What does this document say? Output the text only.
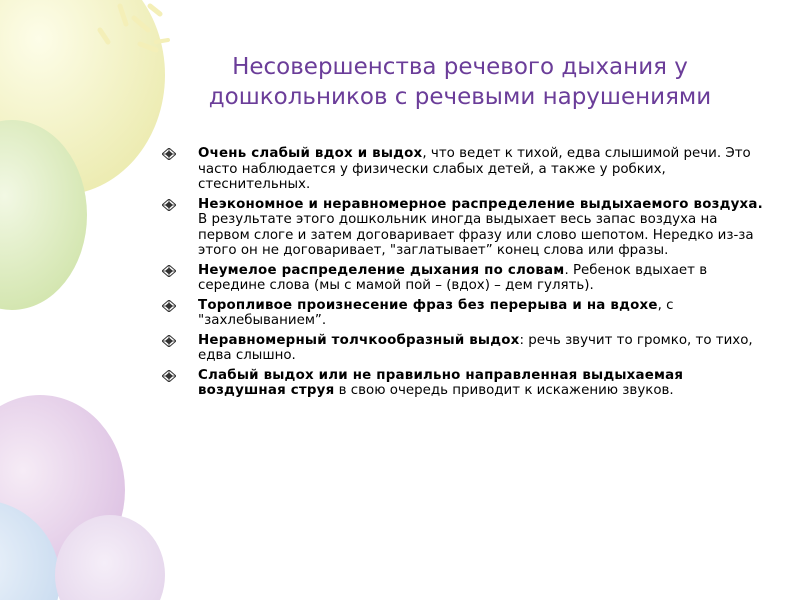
Несовершенства речевого дыхания у
дошкольников с речевыми нарушениями
Очень слабый вдох и выдох, что ведет к тихой, едва слышимой речи. Это часто наблюдается у физически слабых детей, а также у робких, стеснительных.
Неэкономное и неравномерное распределение выдыхаемого воздуха. В результате этого дошкольник иногда выдыхает весь запас воздуха на первом слоге и затем договаривает фразу или слово шепотом. Нередко из-за этого он не договаривает, "заглатывает” конец слова или фразы.
Неумелое распределение дыхания по словам. Ребенок вдыхает в середине слова (мы с мамой пой – (вдох) – дем гулять).
Торопливое произнесение фраз без перерыва и на вдохе, с "захлебыванием”.
Неравномерный толчкообразный выдох: речь звучит то громко, то тихо, едва слышно.
Слабый выдох или не правильно направленная выдыхаемая воздушная струя в свою очередь приводит к искажению звуков.
